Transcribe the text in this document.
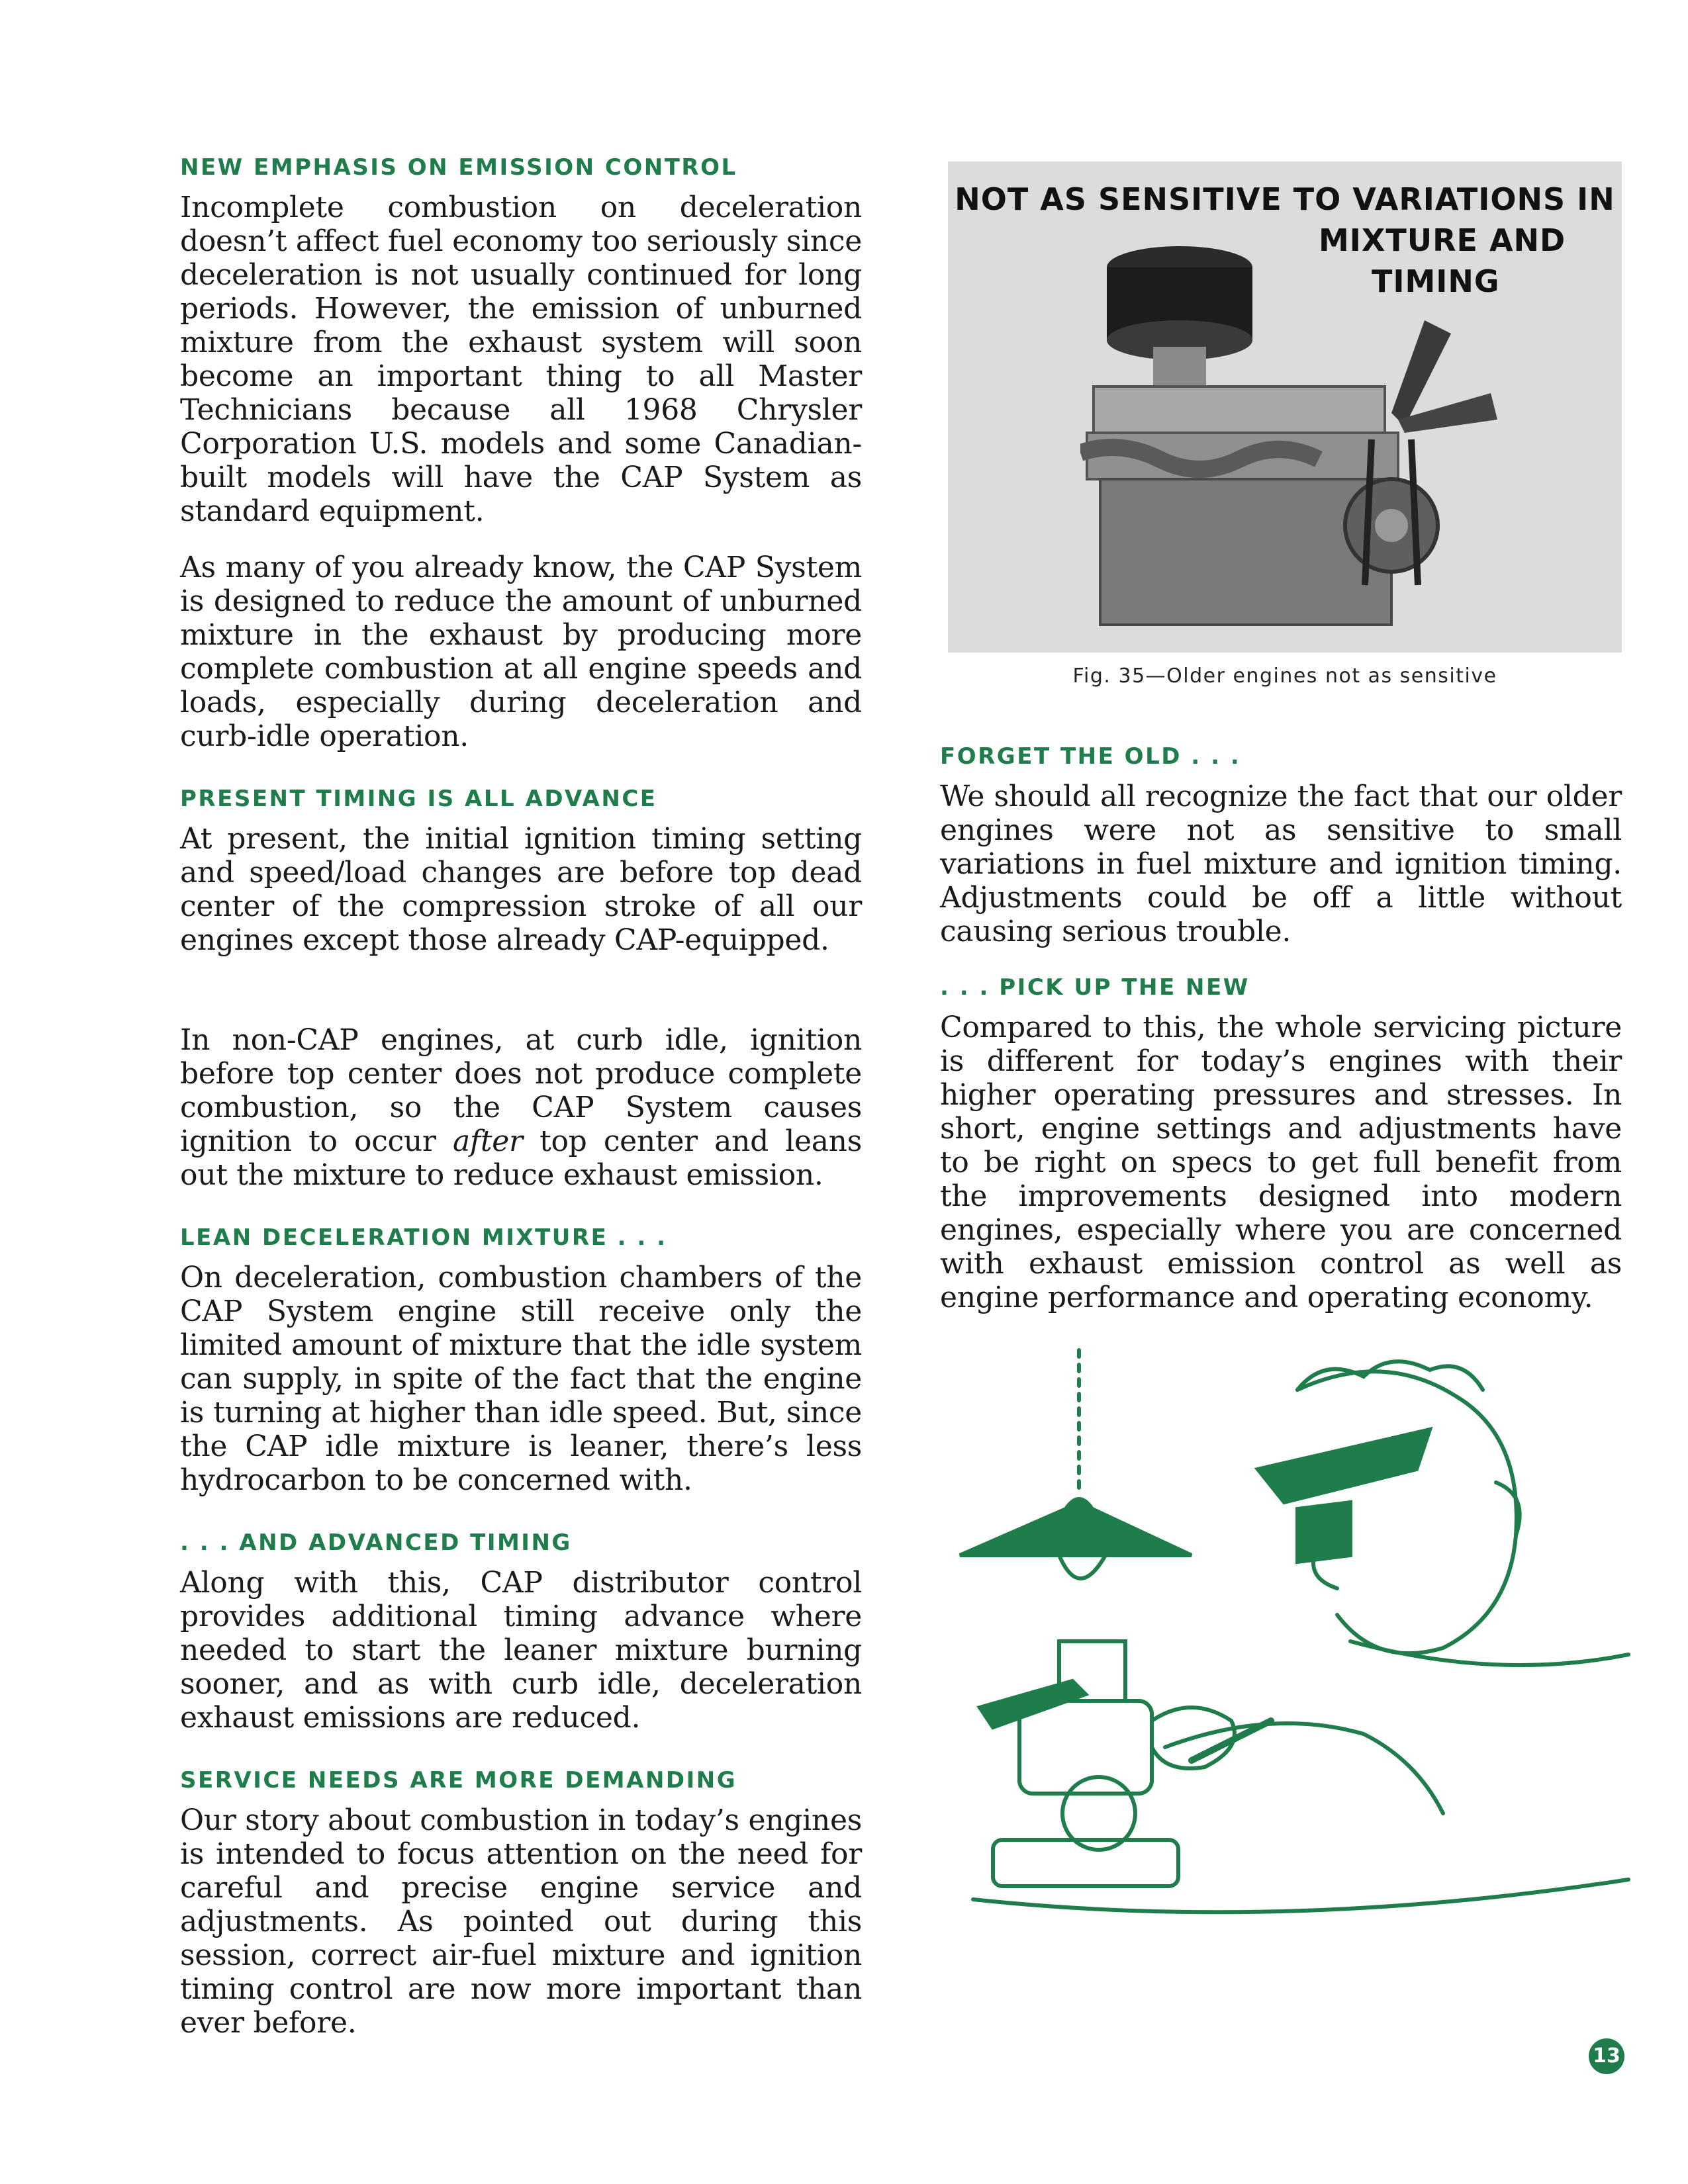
NEW EMPHASIS ON EMISSION CONTROL

Incomplete combustion on deceleration doesn’t affect fuel economy too seriously since deceleration is not usually continued for long periods. However, the emission of unburned mixture from the exhaust system will soon become an important thing to all Master Technicians because all 1968 Chrysler Corporation U.S. models and some Canadian-built models will have the CAP System as standard equipment.

As many of you already know, the CAP System is designed to reduce the amount of unburned mixture in the exhaust by producing more complete combustion at all engine speeds and loads, especially during deceleration and curb-idle operation.

PRESENT TIMING IS ALL ADVANCE

At present, the initial ignition timing setting and speed/load changes are before top dead center of the compression stroke of all our engines except those already CAP-equipped.

In non-CAP engines, at curb idle, ignition before top center does not produce complete combustion, so the CAP System causes ignition to occur after top center and leans out the mixture to reduce exhaust emission.

LEAN DECELERATION MIXTURE . . .

On deceleration, combustion chambers of the CAP System engine still receive only the limited amount of mixture that the idle system can supply, in spite of the fact that the engine is turning at higher than idle speed. But, since the CAP idle mixture is leaner, there’s less hydrocarbon to be concerned with.

. . . AND ADVANCED TIMING

Along with this, CAP distributor control provides additional timing advance where needed to start the leaner mixture burning sooner, and as with curb idle, deceleration exhaust emissions are reduced.

SERVICE NEEDS ARE MORE DEMANDING

Our story about combustion in today’s engines is intended to focus attention on the need for careful and precise engine service and adjustments. As pointed out during this session, correct air-fuel mixture and ignition timing control are now more important than ever before.

NOT AS SENSITIVE TO VARIATIONS IN
MIXTURE AND
TIMING
Fig. 35—Older engines not as sensitive
FORGET THE OLD . . .

We should all recognize the fact that our older engines were not as sensitive to small variations in fuel mixture and ignition timing. Adjustments could be off a little without causing serious trouble.

. . . PICK UP THE NEW

Compared to this, the whole servicing picture is different for today’s engines with their higher operating pressures and stresses. In short, engine settings and adjustments have to be right on specs to get full benefit from the improvements designed into modern engines, especially where you are concerned with exhaust emission control as well as engine performance and operating economy.

13
